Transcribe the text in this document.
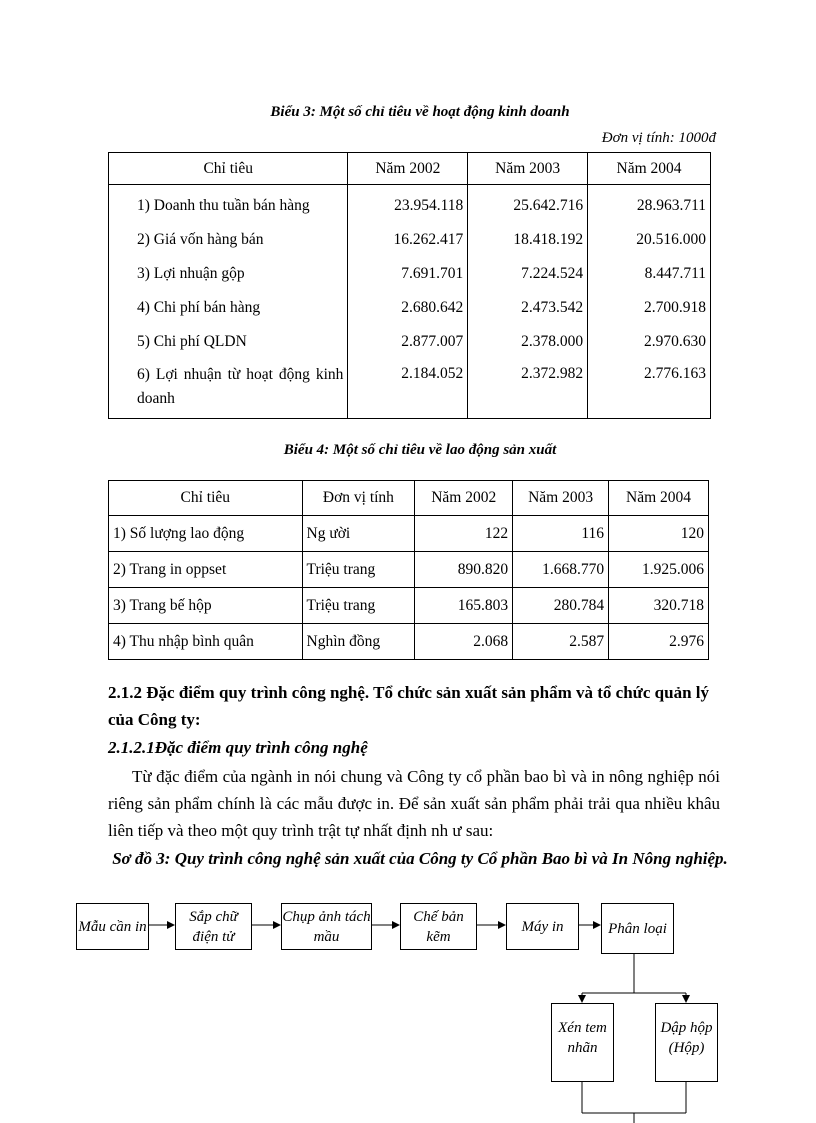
Biểu 3: Một số chỉ tiêu về hoạt động kinh doanh
Đơn vị tính: 1000đ
Chỉ tiêu	Năm 2002	Năm 2003	Năm 2004
1) Doanh thu tuần bán hàng	23.954.118	25.642.716	28.963.711
2) Giá vốn hàng bán	16.262.417	18.418.192	20.516.000
3) Lợi nhuận gộp	7.691.701	7.224.524	8.447.711
4) Chi phí bán hàng	2.680.642	2.473.542	2.700.918
5) Chi phí QLDN	2.877.007	2.378.000	2.970.630
6) Lợi nhuận từ hoạt động kinh doanh	2.184.052	2.372.982	2.776.163
Biểu 4: Một số chỉ tiêu về lao động sản xuất
Chỉ tiêu	Đơn vị tính	Năm 2002	Năm 2003	Năm 2004
1) Số lượng lao động	Ng ười	122	116	120
2) Trang in oppset	Triệu trang	890.820	1.668.770	1.925.006
3) Trang bế hộp	Triệu trang	165.803	280.784	320.718
4) Thu nhập bình quân	Nghìn đồng	2.068	2.587	2.976
2.1.2 Đặc điểm quy trình công nghệ. Tổ chức sản xuất sản phẩm và tổ chức quản lý của Công ty:
2.1.2.1Đặc điểm quy trình công nghệ
Từ đặc điểm của ngành in nói chung và Công ty cổ phần bao bì và in nông nghiệp nói riêng sản phẩm chính là các mẫu được in. Để sản xuất sản phẩm phải trải qua nhiều khâu liên tiếp và theo một quy trình trật tự nhất định nh ư sau:
Sơ đồ 3: Quy trình công nghệ sản xuất của Công ty Cổ phần Bao bì và In Nông nghiệp.
Mẫu cần in
Sắp chữ điện tử
Chụp ảnh tách mầu
Chế bản kẽm
Máy in	Phân loại
Xén tem nhãn
Dập hộp (Hộp)
